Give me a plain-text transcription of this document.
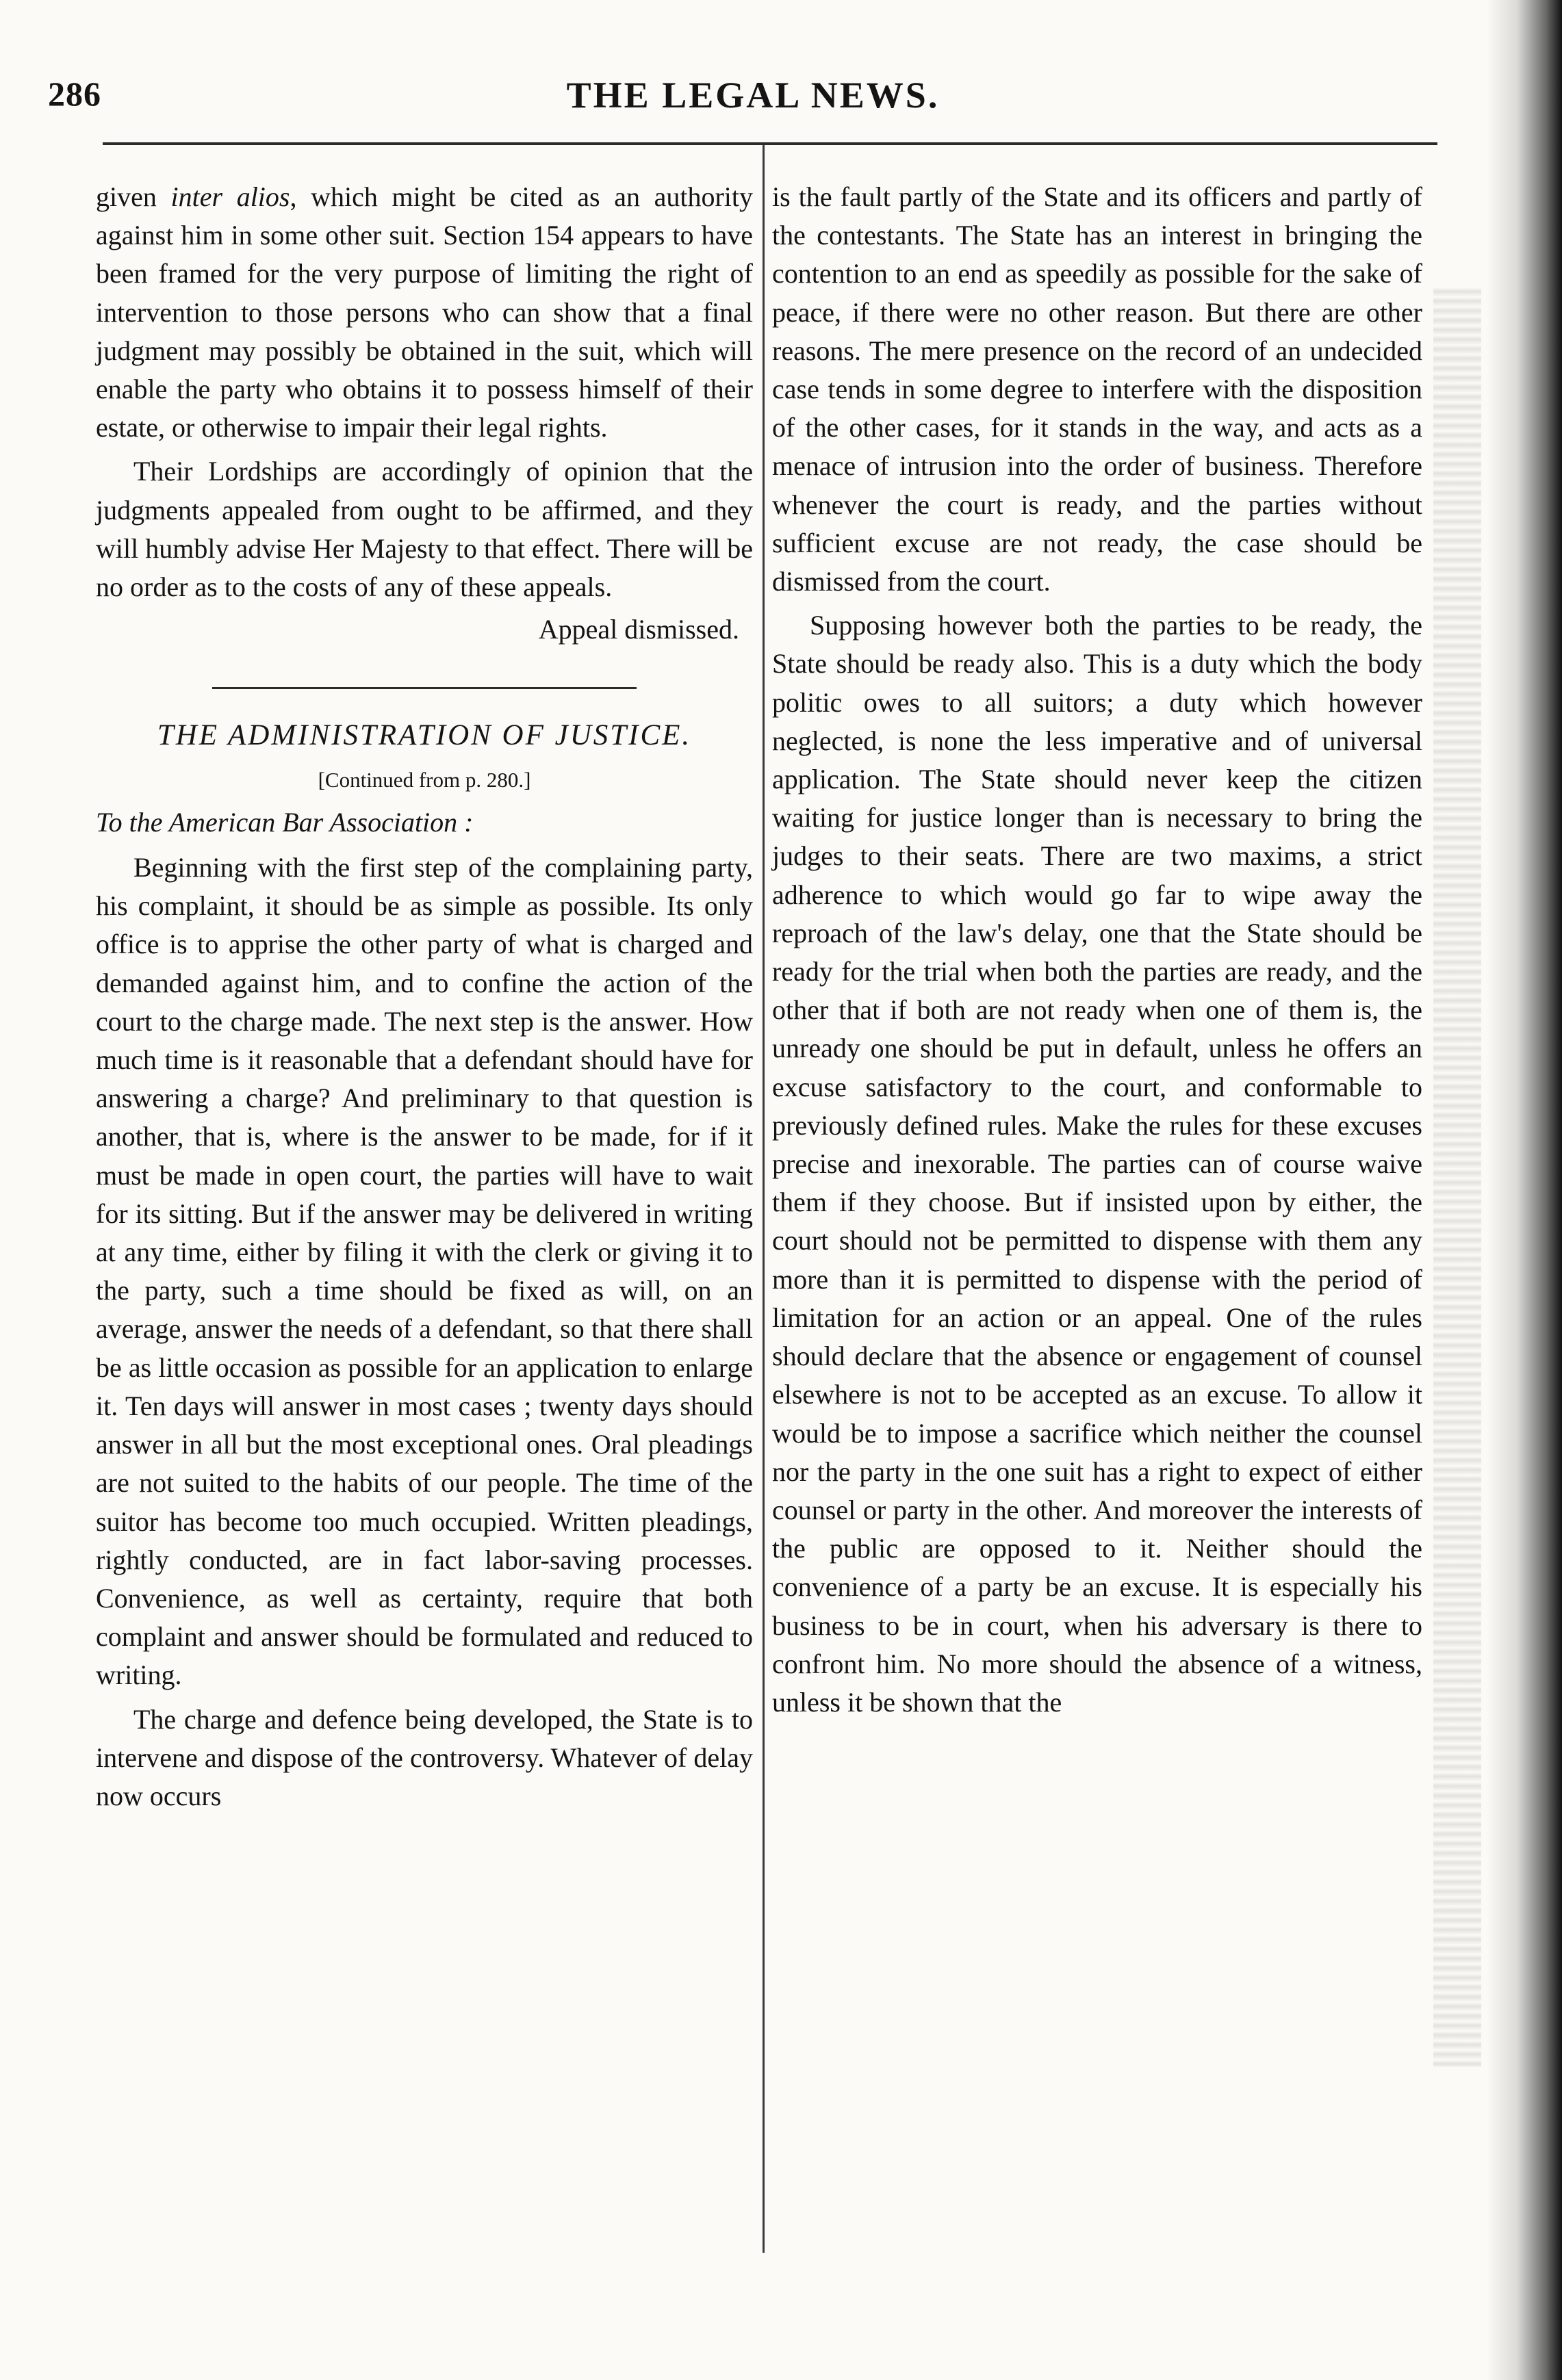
286	THE LEGAL NEWS.

given inter alios, which might be cited as an authority against him in some other suit. Section 154 appears to have been framed for the very purpose of limiting the right of intervention to those persons who can show that a final judgment may possibly be obtained in the suit, which will enable the party who obtains it to possess himself of their estate, or otherwise to impair their legal rights.

Their Lordships are accordingly of opinion that the judgments appealed from ought to be affirmed, and they will humbly advise Her Majesty to that effect. There will be no order as to the costs of any of these appeals.

Appeal dismissed.

THE ADMINISTRATION OF JUSTICE.

[Continued from p. 280.]

To the American Bar Association :

Beginning with the first step of the complaining party, his complaint, it should be as simple as possible. Its only office is to apprise the other party of what is charged and demanded against him, and to confine the action of the court to the charge made. The next step is the answer. How much time is it reasonable that a defendant should have for answering a charge? And preliminary to that question is another, that is, where is the answer to be made, for if it must be made in open court, the parties will have to wait for its sitting. But if the answer may be delivered in writing at any time, either by filing it with the clerk or giving it to the party, such a time should be fixed as will, on an average, answer the needs of a defendant, so that there shall be as little occasion as possible for an application to enlarge it. Ten days will answer in most cases ; twenty days should answer in all but the most exceptional ones. Oral pleadings are not suited to the habits of our people. The time of the suitor has become too much occupied. Written pleadings, rightly conducted, are in fact labor-saving processes. Convenience, as well as certainty, require that both complaint and answer should be formulated and reduced to writing.

The charge and defence being developed, the State is to intervene and dispose of the controversy. Whatever of delay now occurs

is the fault partly of the State and its officers and partly of the contestants. The State has an interest in bringing the contention to an end as speedily as possible for the sake of peace, if there were no other reason. But there are other reasons. The mere presence on the record of an undecided case tends in some degree to interfere with the disposition of the other cases, for it stands in the way, and acts as a menace of intrusion into the order of business. Therefore whenever the court is ready, and the parties without sufficient excuse are not ready, the case should be dismissed from the court.

Supposing however both the parties to be ready, the State should be ready also. This is a duty which the body politic owes to all suitors; a duty which however neglected, is none the less imperative and of universal application. The State should never keep the citizen waiting for justice longer than is necessary to bring the judges to their seats. There are two maxims, a strict adherence to which would go far to wipe away the reproach of the law's delay, one that the State should be ready for the trial when both the parties are ready, and the other that if both are not ready when one of them is, the unready one should be put in default, unless he offers an excuse satisfactory to the court, and conformable to previously defined rules. Make the rules for these excuses precise and inexorable. The parties can of course waive them if they choose. But if insisted upon by either, the court should not be permitted to dispense with them any more than it is permitted to dispense with the period of limitation for an action or an appeal. One of the rules should declare that the absence or engagement of counsel elsewhere is not to be accepted as an excuse. To allow it would be to impose a sacrifice which neither the counsel nor the party in the one suit has a right to expect of either counsel or party in the other. And moreover the interests of the public are opposed to it. Neither should the convenience of a party be an excuse. It is especially his business to be in court, when his adversary is there to confront him. No more should the absence of a witness, unless it be shown that the
